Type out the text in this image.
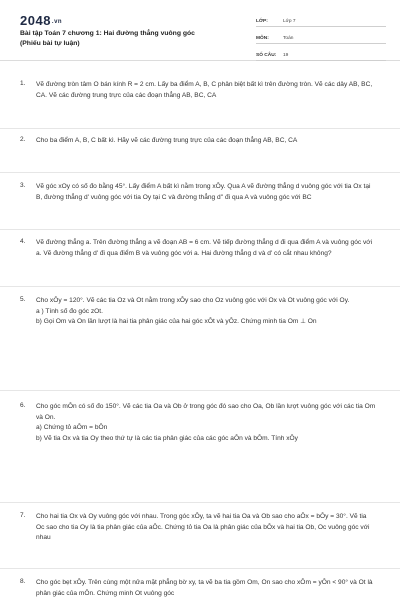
2048.vn
Bài tập Toán 7 chương 1: Hai đường thẳng vuông góc
(Phiếu bài tự luận)
LỚP:	Lớp 7
MÔN:	Toán
SỐ CÂU:	19
1. Vẽ đường tròn tâm O bán kính R = 2 cm. Lấy ba điểm A, B, C phân biệt bất kì trên đường tròn. Vẽ các dây AB, BC, CA. Vẽ các đường trung trực của các đoạn thẳng AB, BC, CA
2. Cho ba điểm A, B, C bất kì. Hãy vẽ các đường trung trực của các đoạn thẳng AB, BC, CA
3. Vẽ góc xOy có số đo bằng 45°. Lấy điểm A bất kì nằm trong xÔy. Qua A vẽ đường thẳng d vuông góc với tia Ox tại B, đường thẳng d' vuông góc với tia Oy tại C và đường thẳng d'' đi qua A và vuông góc với BC
4. Vẽ đường thẳng a. Trên đường thẳng a vẽ đoạn AB = 6 cm. Vẽ tiếp đường thẳng d đi qua điểm A và vuông góc với a. Vẽ đường thẳng d' đi qua điểm B và vuông góc với a. Hai đường thẳng d và d' có cắt nhau không?
5. Cho xÔy = 120°. Vẽ các tia Oz và Ot nằm trong xÔy sao cho Oz vuông góc với Ox và Ot vuông góc với Oy.
a ) Tính số đo góc zOt.
b) Gọi Om và On lần lượt là hai tia phân giác của hai góc xÔt và yÔz. Chứng minh tia Om ⊥ On
6. Cho góc mÔn có số đo 150°. Vẽ các tia Oa và Ob ở trong góc đó sao cho Oa, Ob lần lượt vuông góc với các tia Om và On.
a) Chứng tỏ aÔm = bÔn
b) Vẽ tia Ox và tia Oy theo thứ tự là các tia phân giác của các góc aÔn và bÔm. Tính xÔy
7. Cho hai tia Ox và Oy vuông góc với nhau. Trong góc xÔy, ta vẽ hai tia Oa và Ob sao cho aÔx = bÔy = 30°. Vẽ tia Oc sao cho tia Oy là tia phân giác của aÔc. Chứng tỏ tia Oa là phân giác của bÔx và hai tia Ob, Oc vuông góc với nhau
8. Cho góc bẹt xÔy. Trên cùng một nửa mặt phẳng bờ xy, ta vẽ ba tia gồm Om, On sao cho xÔm = yÔn < 90° và Ot là phân giác của mÔn. Chứng minh Ot vuông góc
